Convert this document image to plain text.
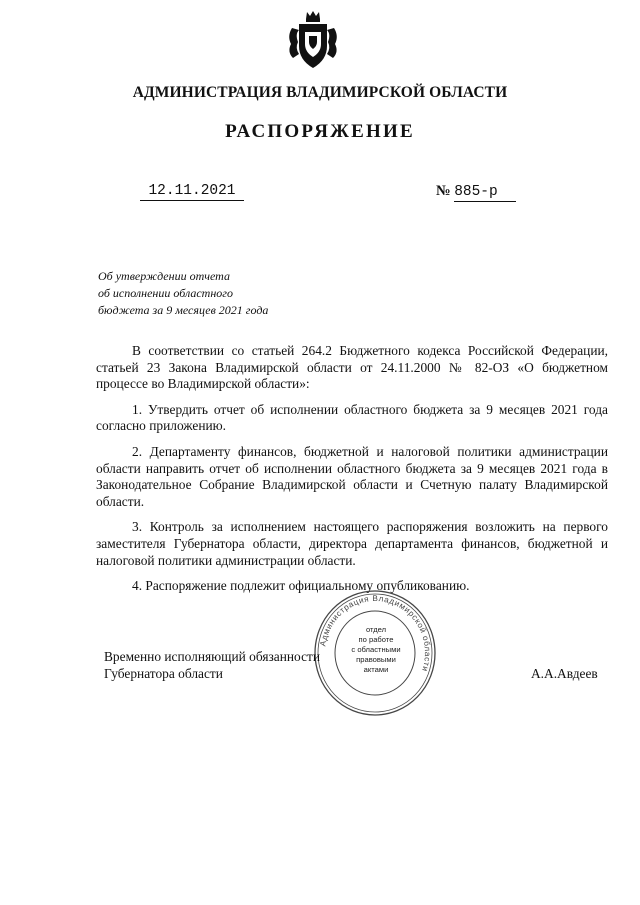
АДМИНИСТРАЦИЯ ВЛАДИМИРСКОЙ ОБЛАСТИ
РАСПОРЯЖЕНИЕ
12.11.2021	№ 885-р
Об утверждении отчета
об исполнении областного
бюджета за 9 месяцев 2021 года

В соответствии со статьей 264.2 Бюджетного кодекса Российской Федерации, статьей 23 Закона Владимирской области от 24.11.2000 № 82-ОЗ «О бюджетном процессе во Владимирской области»:

1. Утвердить отчет об исполнении областного бюджета за 9 месяцев 2021 года согласно приложению.

2. Департаменту финансов, бюджетной и налоговой политики администрации области направить отчет об исполнении областного бюджета за 9 месяцев 2021 года в Законодательное Собрание Владимирской области и Счетную палату Владимирской области.

3. Контроль за исполнением настоящего распоряжения возложить на первого заместителя Губернатора области, директора департамента финансов, бюджетной и налоговой политики администрации области.

4. Распоряжение подлежит официальному опубликованию.

Администрация Владимирской области
отдел
по работе
с областными
правовыми
актами
Временно исполняющий обязанности
Губернатора области	А.А.Авдеев
